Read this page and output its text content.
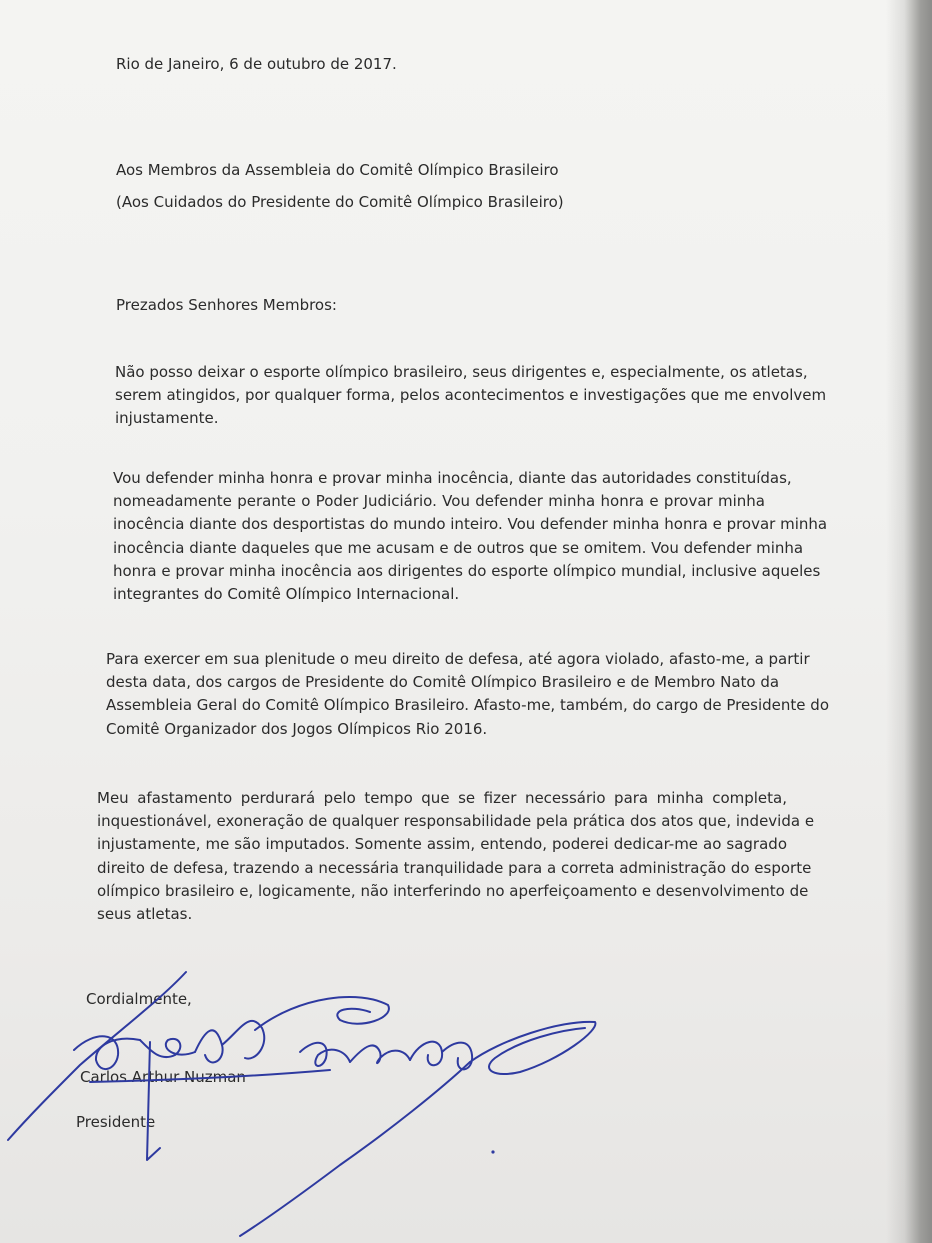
Rio de Janeiro, 6 de outubro de 2017.
Aos Membros da Assembleia do Comitê Olímpico Brasileiro
(Aos Cuidados do Presidente do Comitê Olímpico Brasileiro)
Prezados Senhores Membros:
Não posso deixar o esporte olímpico brasileiro, seus dirigentes e, especialmente, os atletas,
serem atingidos, por qualquer forma, pelos acontecimentos e investigações que me envolvem
injustamente.
Vou defender minha honra e provar minha inocência, diante das autoridades constituídas,
nomeadamente perante o Poder Judiciário. Vou defender minha honra e provar minha
inocência diante dos desportistas do mundo inteiro. Vou defender minha honra e provar minha
inocência diante daqueles que me acusam e de outros que se omitem. Vou defender minha
honra e provar minha inocência aos dirigentes do esporte olímpico mundial, inclusive aqueles
integrantes do Comitê Olímpico Internacional.
Para exercer em sua plenitude o meu direito de defesa, até agora violado, afasto-me, a partir
desta data, dos cargos de Presidente do Comitê Olímpico Brasileiro e de Membro Nato da
Assembleia Geral do Comitê Olímpico Brasileiro. Afasto-me, também, do cargo de Presidente do
Comitê Organizador dos Jogos Olímpicos Rio 2016.
Meu afastamento perdurará pelo tempo que se fizer necessário para minha completa,
inquestionável, exoneração de qualquer responsabilidade pela prática dos atos que, indevida e
injustamente, me são imputados. Somente assim, entendo, poderei dedicar-me ao sagrado
direito de defesa, trazendo a necessária tranquilidade para a correta administração do esporte
olímpico brasileiro e, logicamente, não interferindo no aperfeiçoamento e desenvolvimento de
seus atletas.
Cordialmente,
Carlos Arthur Nuzman
Presidente
